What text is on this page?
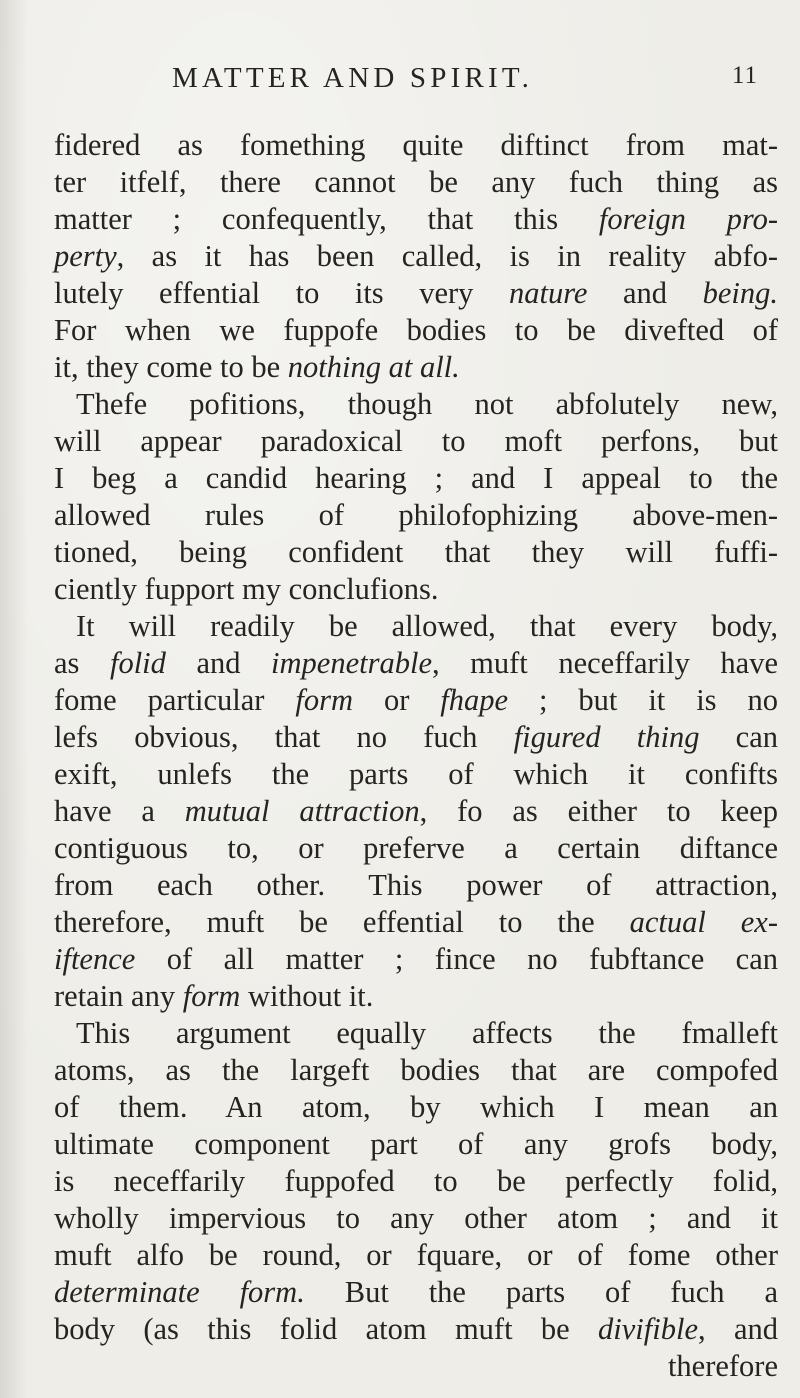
MATTER AND SPIRIT.	11
fidered as fomething quite diftinct from mat-
ter itfelf, there cannot be any fuch thing as
matter ; confequently, that this foreign pro-
perty, as it has been called, is in reality abfo-
lutely effential to its very nature and being.
For when we fuppofe bodies to be divefted of
it, they come to be nothing at all.
Thefe pofitions, though not abfolutely new,
will appear paradoxical to moft perfons, but
I beg a candid hearing ; and I appeal to the
allowed rules of philofophizing above-men-
tioned, being confident that they will fuffi-
ciently fupport my conclufions.
It will readily be allowed, that every body,
as folid and impenetrable, muft neceffarily have
fome particular form or fhape ; but it is no
lefs obvious, that no fuch figured thing can
exift, unlefs the parts of which it confifts
have a mutual attraction, fo as either to keep
contiguous to, or preferve a certain diftance
from each other. This power of attraction,
therefore, muft be effential to the actual ex-
iftence of all matter ; fince no fubftance can
retain any form without it.
This argument equally affects the fmalleft
atoms, as the largeft bodies that are compofed
of them. An atom, by which I mean an
ultimate component part of any grofs body,
is neceffarily fuppofed to be perfectly folid,
wholly impervious to any other atom ; and it
muft alfo be round, or fquare, or of fome other
determinate form. But the parts of fuch a
body (as this folid atom muft be divifible, and
therefore
